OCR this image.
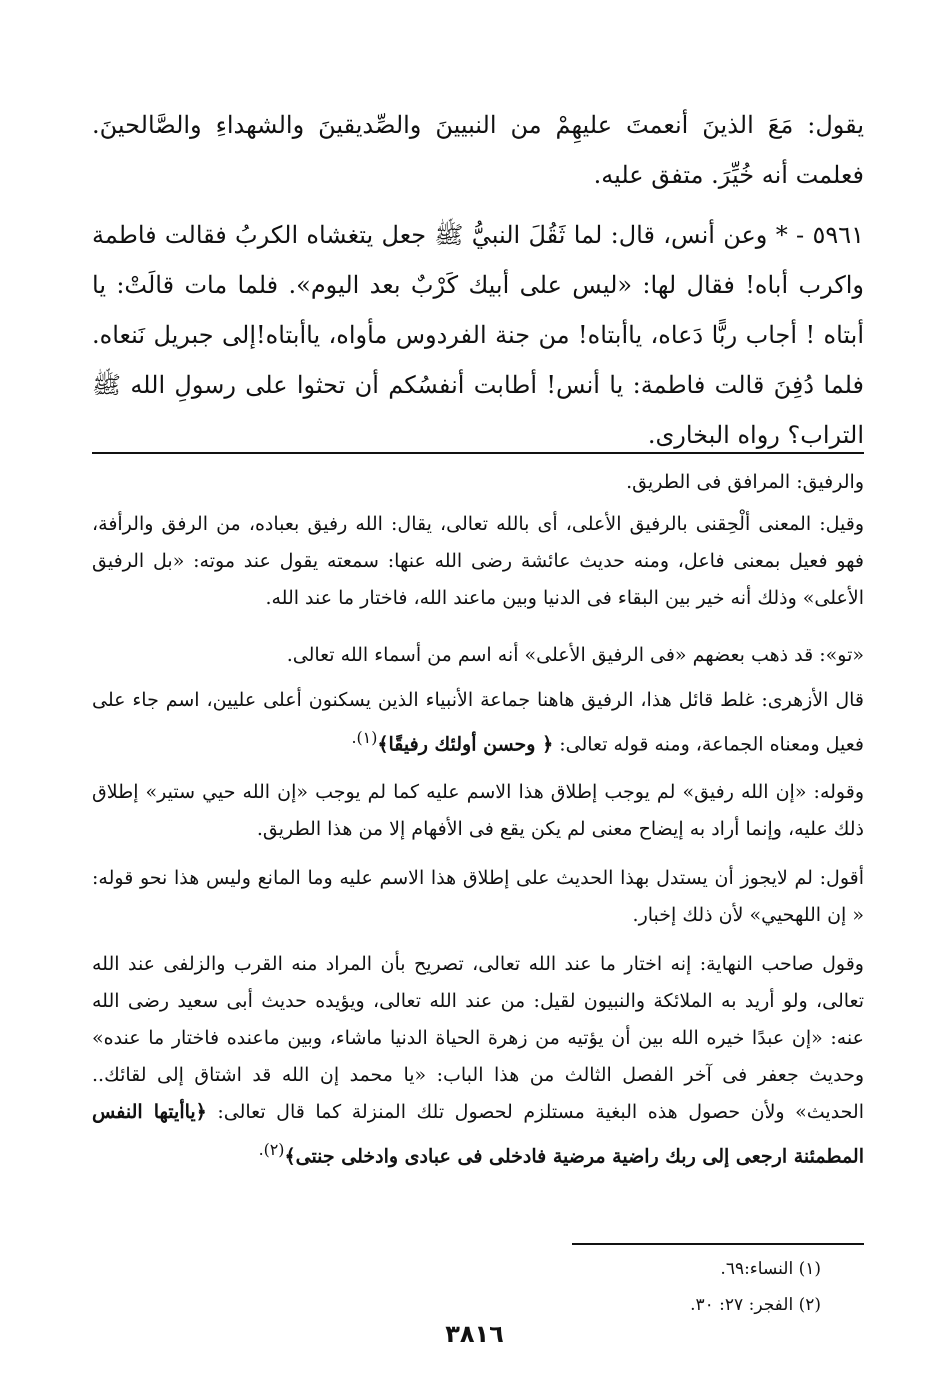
يقول: مَعَ الذينَ أنعمتَ عليهِمْ من النبيينَ والصِّديقينَ والشهداءِ والصَّالحينَ. فعلمت أنه خُيِّرَ. متفق عليه.

٥٩٦١ - * وعن أنس، قال: لما ثَقُلَ النبيُّ ﷺ جعل يتغشاه الكربُ فقالت فاطمة واكرب أباه! فقال لها: «ليس على أبيك كَرْبٌ بعد اليوم». فلما مات قالَتْ: يا أبتاه ! أجاب ربًّا دَعاه، ياأبتاه! من جنة الفردوس مأواه، ياأبتاه!إلى جبريل نَنعاه. فلما دُفِنَ قالت فاطمة: يا أنس! أطابت أنفسُكم أن تحثوا على رسولِ الله ﷺ التراب؟ رواه البخارى.

والرفيق: المرافق فى الطريق.

وقيل: المعنى ألْحِقنى بالرفيق الأعلى، أى بالله تعالى، يقال: الله رفيق بعباده، من الرفق والرأفة، فهو فعيل بمعنى فاعل، ومنه حديث عائشة رضى الله عنها: سمعته يقول عند موته: «بل الرفيق الأعلى» وذلك أنه خير بين البقاء فى الدنيا وبين ماعند الله، فاختار ما عند الله.

«تو»: قد ذهب بعضهم «فى الرفيق الأعلى» أنه اسم من أسماء الله تعالى.

قال الأزهرى: غلط قائل هذا، الرفيق هاهنا جماعة الأنبياء الذين يسكنون أعلى عليين، اسم جاء على فعيل ومعناه الجماعة، ومنه قوله تعالى: ﴿ وحسن أولئك رفيقًا﴾$^{(١).}$

وقوله: «إن الله رفيق» لم يوجب إطلاق هذا الاسم عليه كما لم يوجب «إن الله حيي ستير» إطلاق ذلك عليه، وإنما أراد به إيضاح معنى لم يكن يقع فى الأفهام إلا من هذا الطريق.

أقول: لم لايجوز أن يستدل بهذا الحديث على إطلاق هذا الاسم عليه وما المانع وليس هذا نحو قوله: « إن اللهحيي» لأن ذلك إخبار.

وقول صاحب النهاية: إنه اختار ما عند الله تعالى، تصريح بأن المراد منه القرب والزلفى عند الله تعالى، ولو أريد به الملائكة والنبيون لقيل: من عند الله تعالى، ويؤيده حديث أبى سعيد رضى الله عنه: «إن عبدًا خيره الله بين أن يؤتيه من زهرة الحياة الدنيا ماشاء، وبين ماعنده فاختار ما عنده» وحديث جعفر فى آخر الفصل الثالث من هذا الباب: «يا محمد إن الله قد اشتاق إلى لقائك.. الحديث» ولأن حصول هذه البغية مستلزم لحصول تلك المنزلة كما قال تعالى: ﴿ياأيتها النفس المطمئنة ارجعى إلى ربك راضية مرضية فادخلى فى عبادى وادخلى جنتى﴾$^{(٢).}$

(١) النساء:٦٩.

(٢) الفجر: ٢٧: ٣٠.

٣٨١٦
